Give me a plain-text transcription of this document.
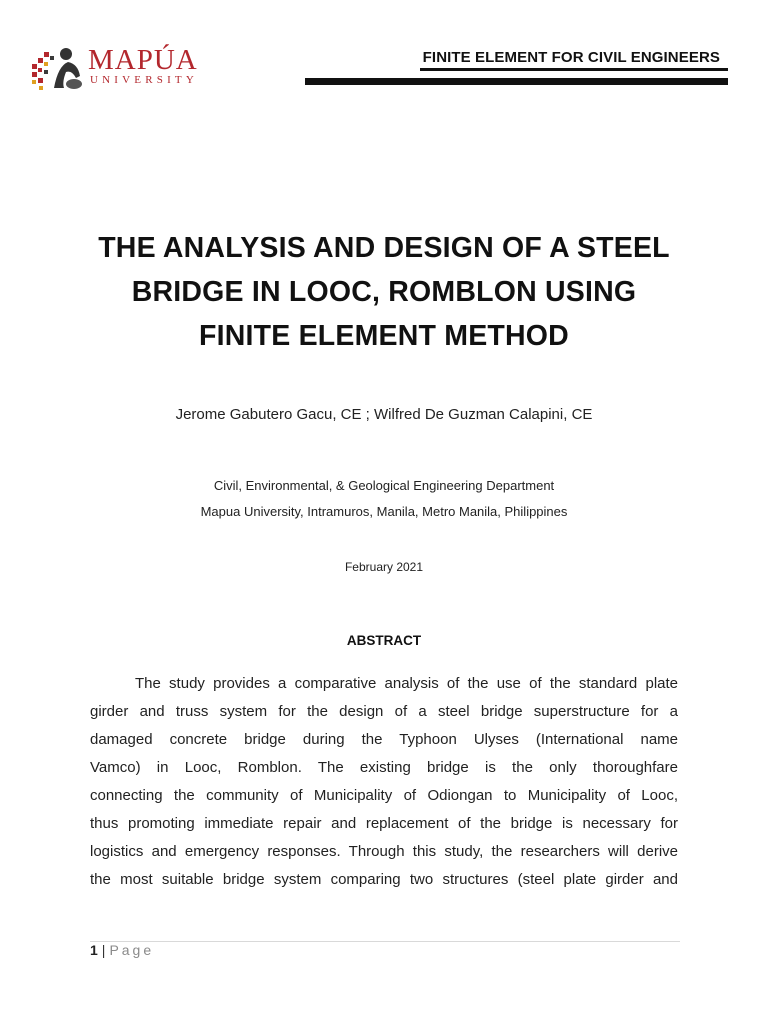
MAPÚA
UNIVERSITY
FINITE ELEMENT FOR CIVIL ENGINEERS
THE ANALYSIS AND DESIGN OF A STEEL
BRIDGE IN LOOC, ROMBLON USING
FINITE ELEMENT METHOD
Jerome Gabutero Gacu, CE ; Wilfred De Guzman Calapini, CE
Civil, Environmental, & Geological Engineering Department
Mapua University, Intramuros, Manila, Metro Manila, Philippines
February 2021
ABSTRACT
The study provides a comparative analysis of the use of the standard plate
girder and truss system for the design of a steel bridge superstructure for a
damaged concrete bridge during the Typhoon Ulyses (International name
Vamco) in Looc, Romblon. The existing bridge is the only thoroughfare
connecting the community of Municipality of Odiongan to Municipality of Looc,
thus promoting immediate repair and replacement of the bridge is necessary for
logistics and emergency responses. Through this study, the researchers will derive
the most suitable bridge system comparing two structures (steel plate girder and
1 | Page
